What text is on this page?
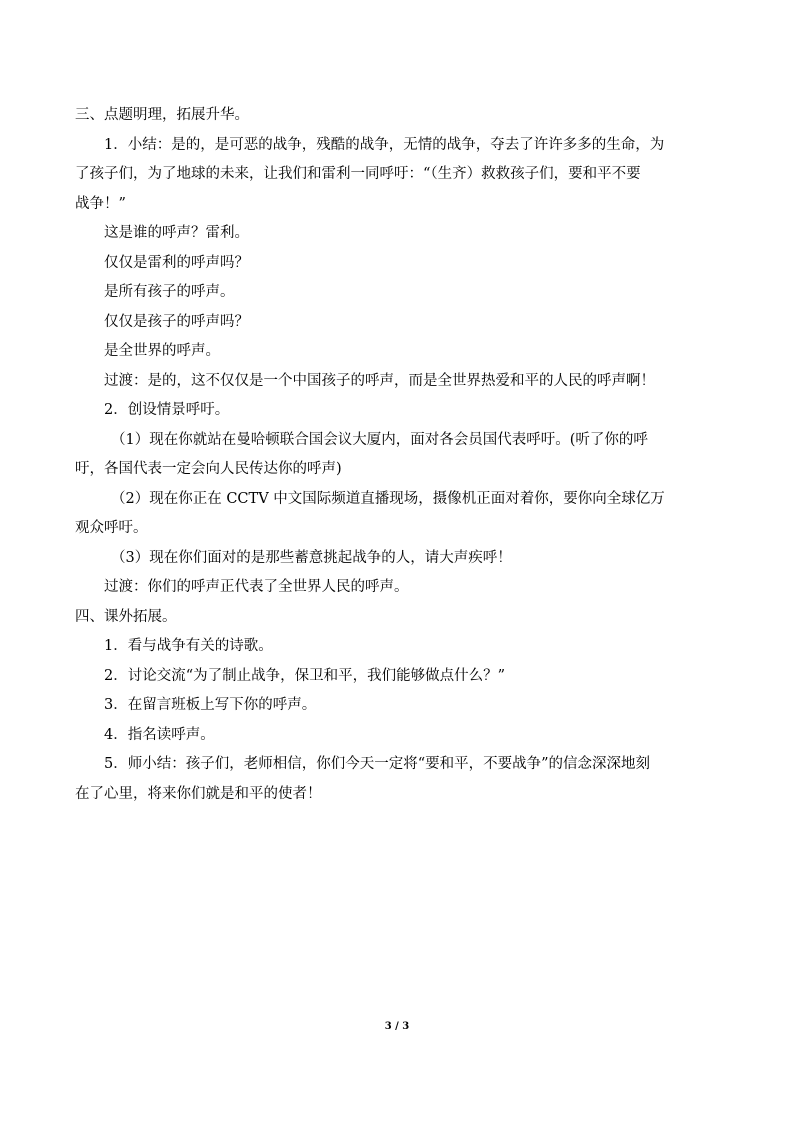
三、点题明理，拓展升华。
1．小结：是的，是可恶的战争，残酷的战争，无情的战争，夺去了许许多多的生命，为
了孩子们，为了地球的未来，让我们和雷利一同呼吁：“（生齐）救救孩子们，要和平不要
战争！”
这是谁的呼声？雷利。
仅仅是雷利的呼声吗？
是所有孩子的呼声。
仅仅是孩子的呼声吗？
是全世界的呼声。
过渡：是的，这不仅仅是一个中国孩子的呼声，而是全世界热爱和平的人民的呼声啊！
2．创设情景呼吁。
（1）现在你就站在曼哈顿联合国会议大厦内，面对各会员国代表呼吁。(听了你的呼
吁，各国代表一定会向人民传达你的呼声)
（2）现在你正在 CCTV 中文国际频道直播现场，摄像机正面对着你，要你向全球亿万
观众呼吁。
（3）现在你们面对的是那些蓄意挑起战争的人，请大声疾呼！
过渡：你们的呼声正代表了全世界人民的呼声。
四、课外拓展。
1．看与战争有关的诗歌。
2．讨论交流“为了制止战争，保卫和平，我们能够做点什么？”
3．在留言班板上写下你的呼声。
4．指名读呼声。
5．师小结：孩子们，老师相信，你们今天一定将“要和平，不要战争”的信念深深地刻
在了心里，将来你们就是和平的使者！
3 / 3
